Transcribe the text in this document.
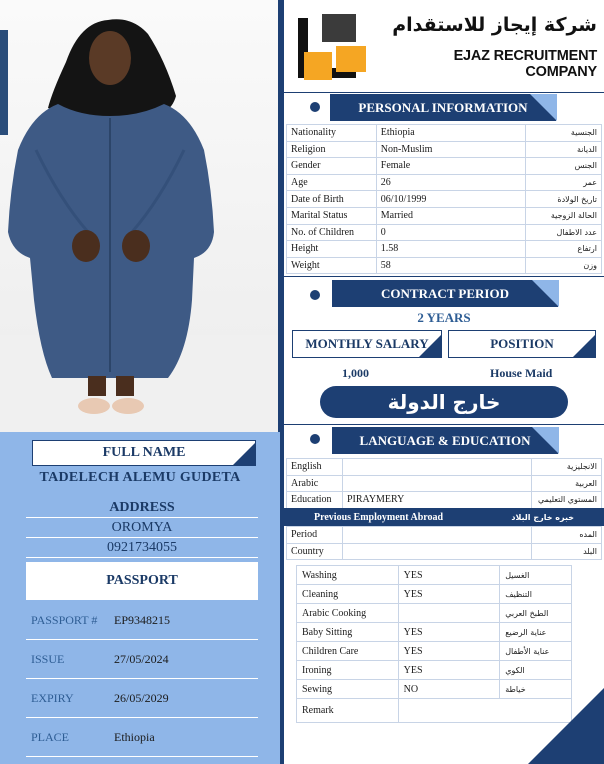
FULL NAME
TADELECH ALEMU GUDETA
ADDRESS
OROMYA
0921734055
PASSPORT
PASSPORT #	EP9348215
ISSUE	27/05/2024
EXPIRY	26/05/2029
PLACE	Ethiopia
شركة إيجاز للاستقدام
EJAZ RECRUITMENT COMPANY
PERSONAL INFORMATION
Nationality	Ethiopia	الجنسية
Religion	Non-Muslim	الديانة
Gender	Female	الجنس
Age	26	عمر
Date of Birth	06/10/1999	تاريخ الولادة
Marital Status	Married	الحالة الزوجية
No. of Children	0	عدد الاطفال
Height	1.58	ارتفاع
Weight	58	وزن
CONTRACT PERIOD
2 YEARS
MONTHLY SALARY	POSITION
1,000	House Maid
خارج الدولة
LANGUAGE & EDUCATION
English		الانجليزية
Arabic		العربية
Education	PIRAYMERY	المستوي التعليمي
Previous Employment Abroad	خبره خارج البلاد
Period		المده
Country		البلد
Washing	YES	الغسيل
Cleaning	YES	التنظيف
Arabic Cooking		الطبخ العربي
Baby Sitting	YES	عناية الرضيع
Children Care	YES	عناية الأطفال
Ironing	YES	الكوي
Sewing	NO	خياطة
Remark		
